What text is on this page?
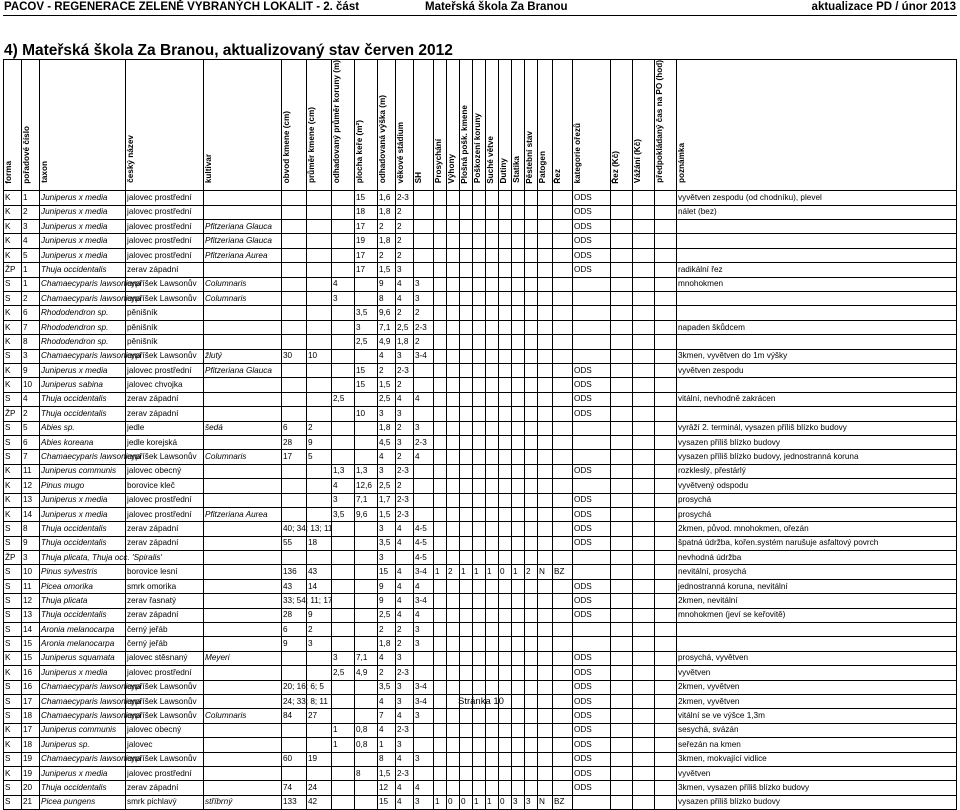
PACOV - REGENERACE ZELENĚ VYBRANÝCH LOKALIT - 2. část	Mateřská škola Za Branou	aktualizace PD / únor 2013
4) Mateřská škola Za Branou, aktualizovaný stav červen 2012
forma	pořadové číslo	taxon	český název	kultivar	obvod kmene (cm)	průměr kmene (cm)	odhadovaný průměr koruny (m)	plocha keře (m²)	odhadovaná výška (m)	věkové stádium	SH	Prosychání	Výhony	Plošná pošk. kmene	Poškození koruny	Suché větve	Dutiny	Statika	Pěstební stav	Patogen	Řez	kategorie ořezů	Řez (Kč)	Vážání (Kč)	předpokládaný čas na PO (hod)	poznámka
K	1	Juniperus x media	jalovec prostřední					15	1,6	2-3												ODS				vyvětven zespodu (od chodníku), plevel
K	2	Juniperus x media	jalovec prostřední					18	1,8	2												ODS				nálet (bez)
K	3	Juniperus x media	jalovec prostřední	Pfitzeriana Glauca				17	2	2												ODS				
K	4	Juniperus x media	jalovec prostřední	Pfitzeriana Glauca				19	1,8	2												ODS				
K	5	Juniperus x media	jalovec prostřední	Pfitzeriana Aurea				17	2	2												ODS				
ŽP	1	Thuja occidentalis	zerav západní					17	1,5	3												ODS				radikální řez
S	1	Chamaecyparis lawsoniana	cypříšek Lawsonův	Columnaris			4		9	4	3															mnohokmen
S	2	Chamaecyparis lawsoniana	cypříšek Lawsonův	Columnaris			3		8	4	3															
K	6	Rhododendron sp.	pěnišník					3,5	9,6	2	2															
K	7	Rhododendron sp.	pěnišník					3	7,1	2,5	2-3															napaden škůdcem
K	8	Rhododendron sp.	pěnišník					2,5	4,9	1,8	2															
S	3	Chamaecyparis lawsoniana	cypříšek Lawsonův	žlutý	30	10			4	3	3-4															3kmen, vyvětven do 1m výšky
K	9	Juniperus x media	jalovec prostřední	Pfitzeriana Glauca				15	2	2-3												ODS				vyvětven zespodu
K	10	Juniperus sabina	jalovec chvojka					15	1,5	2												ODS				
S	4	Thuja occidentalis	zerav západní				2,5		2,5	4	4											ODS				vitální, nevhodně zakrácen
ŽP	2	Thuja occidentalis	zerav západní					10	3	3												ODS				
S	5	Abies sp.	jedle	šedá	6	2			1,8	2	3															vyrāží 2. terminál, vysazen příliš blízko budovy
S	6	Abies koreana	jedle korejská		28	9			4,5	3	2-3															vysazen příliš blízko budovy
S	7	Chamaecyparis lawsoniana	cypříšek Lawsonův	Columnaris	17	5			4	2	4															vysazen příliš blízko budovy, jednostranná koruna
K	11	Juniperus communis	jalovec obecný				1,3	1,3	3	2-3												ODS				rozkleslý, přestárlý
K	12	Pinus mugo	borovice kleč				4	12,6	2,5	2																vyvětvený odspodu
K	13	Juniperus x media	jalovec prostřední				3	7,1	1,7	2-3												ODS				prosychá
K	14	Juniperus x media	jalovec prostřední	Pfitzeriana Aurea			3,5	9,6	1,5	2-3												ODS				prosychá
S	8	Thuja occidentalis	zerav západní		40; 34; 13; 11				3	4	4-5											ODS				2kmen, původ. mnohokmen, ořezán
S	9	Thuja occidentalis	zerav západní		55	18			3,5	4	4-5											ODS				špatná údržba, kořen.systém narušuje asfaltový povrch
ŽP	3	Thuja plicata, Thuja occ. 'Spiralis'							3		4-5															nevhodná údržba
S	10	Pinus sylvestris	borovice lesní		136	43			15	4	3-4	1	2	1	1	1	0	1	2	N	BZ					nevitální, prosychá
S	11	Picea omorika	smrk omorika		43	14			9	4	4											ODS				jednostranná koruna, nevitální
S	12	Thuja plicata	zerav řasnatý		33; 54; 11; 17				9	4	3-4											ODS				2kmen, nevitální
S	13	Thuja occidentalis	zerav západní		28	9			2,5	4	4											ODS				mnohokmen (jeví se keřovitě)
S	14	Aronia melanocarpa	černý jeřáb		6	2			2	2	3															
S	15	Aronia melanocarpa	černý jeřáb		9	3			1,8	2	3															
K	15	Juniperus squamata	jalovec stěsnaný	Meyeri			3	7,1	4	3												ODS				prosychá, vyvětven
K	16	Juniperus x media	jalovec prostřední				2,5	4,9	2	2-3												ODS				vyvětven
S	16	Chamaecyparis lawsoniana	cypříšek Lawsonův		20; 16; 6; 5				3,5	3	3-4											ODS				2kmen, vyvětven
S	17	Chamaecyparis lawsoniana	cypříšek Lawsonův		24; 33; 8; 11				4	3	3-4											ODS				2kmen, vyvětven
S	18	Chamaecyparis lawsoniana	cypříšek Lawsonův	Columnaris	84	27			7	4	3											ODS				vitální se ve výšce 1,3m
K	17	Juniperus communis	jalovec obecný				1	0,8	4	2-3												ODS				sesychá, svázán
K	18	Juniperus sp.	jalovec				1	0,8	1	3												ODS				seřezán na kmen
S	19	Chamaecyparis lawsoniana	cypříšek Lawsonův		60	19			8	4	3											ODS				3kmen, mokvající vidlice
K	19	Juniperus x media	jalovec prostřední					8	1,5	2-3												ODS				vyvětven
S	20	Thuja occidentalis	zerav západní		74	24			12	4	4											ODS				3kmen, vysazen příliš blízko budovy
S	21	Picea pungens	smrk pichlavý	stříbrný	133	42			15	4	3	1	0	0	1	1	0	3	3	N	BZ					vysazen příliš blízko budovy
Stránka 10
